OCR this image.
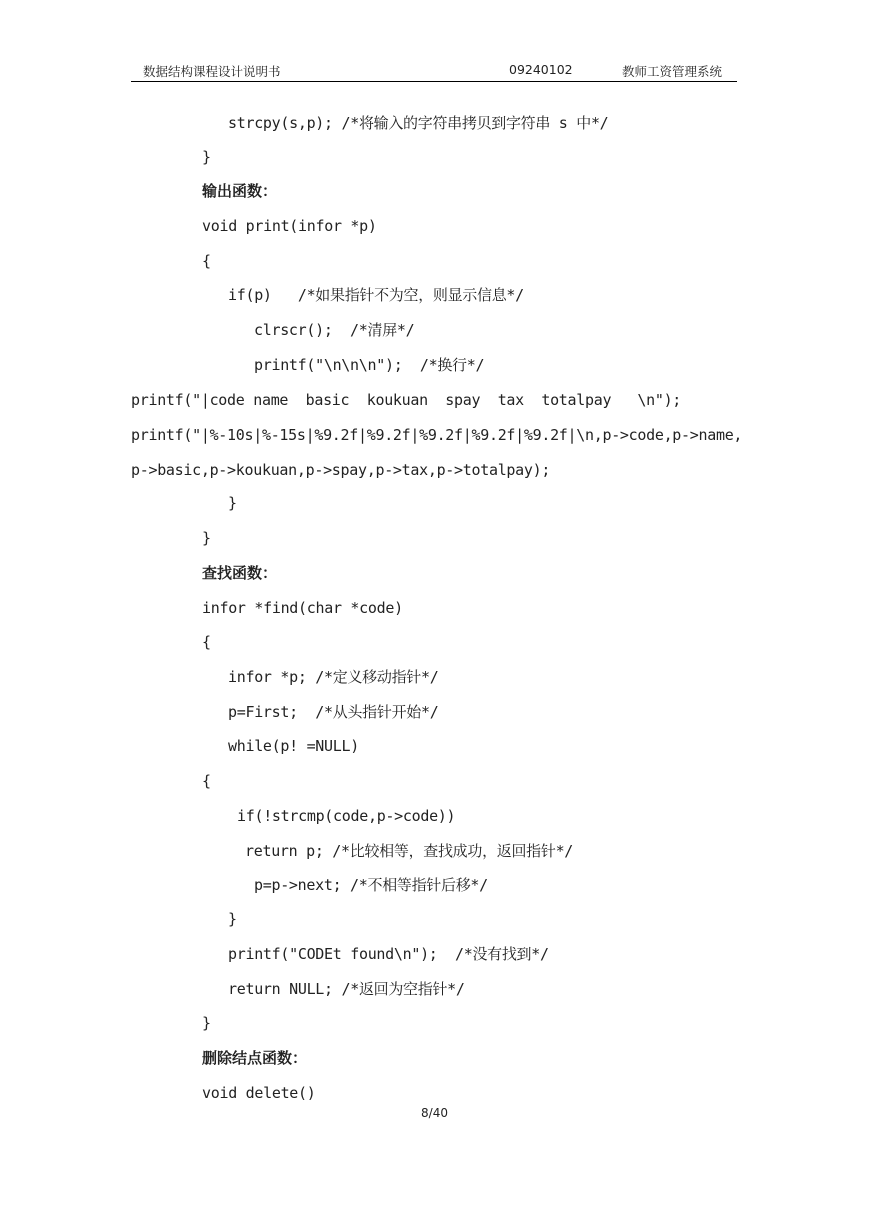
数据结构课程设计说明书	09240102	教师工资管理系统
strcpy(s,p); /*将输入的字符串拷贝到字符串 s 中*/
}
输出函数：
void print(infor *p)
{
if(p)   /*如果指针不为空，则显示信息*/
clrscr();  /*清屏*/
printf("\n\n\n");  /*换行*/
printf("|code name  basic  koukuan  spay  tax  totalpay   \n");
printf("|%-10s|%-15s|%9.2f|%9.2f|%9.2f|%9.2f|%9.2f|\n,p->code,p->name,
p->basic,p->koukuan,p->spay,p->tax,p->totalpay);
}
}
查找函数：
infor *find(char *code)
{
infor *p; /*定义移动指针*/
p=First;  /*从头指针开始*/
while(p! =NULL)
{
if(!strcmp(code,p->code))
return p; /*比较相等，查找成功，返回指针*/
p=p->next; /*不相等指针后移*/
}
printf("CODEt found\n");  /*没有找到*/
return NULL; /*返回为空指针*/
}
删除结点函数：
void delete()
8/40
